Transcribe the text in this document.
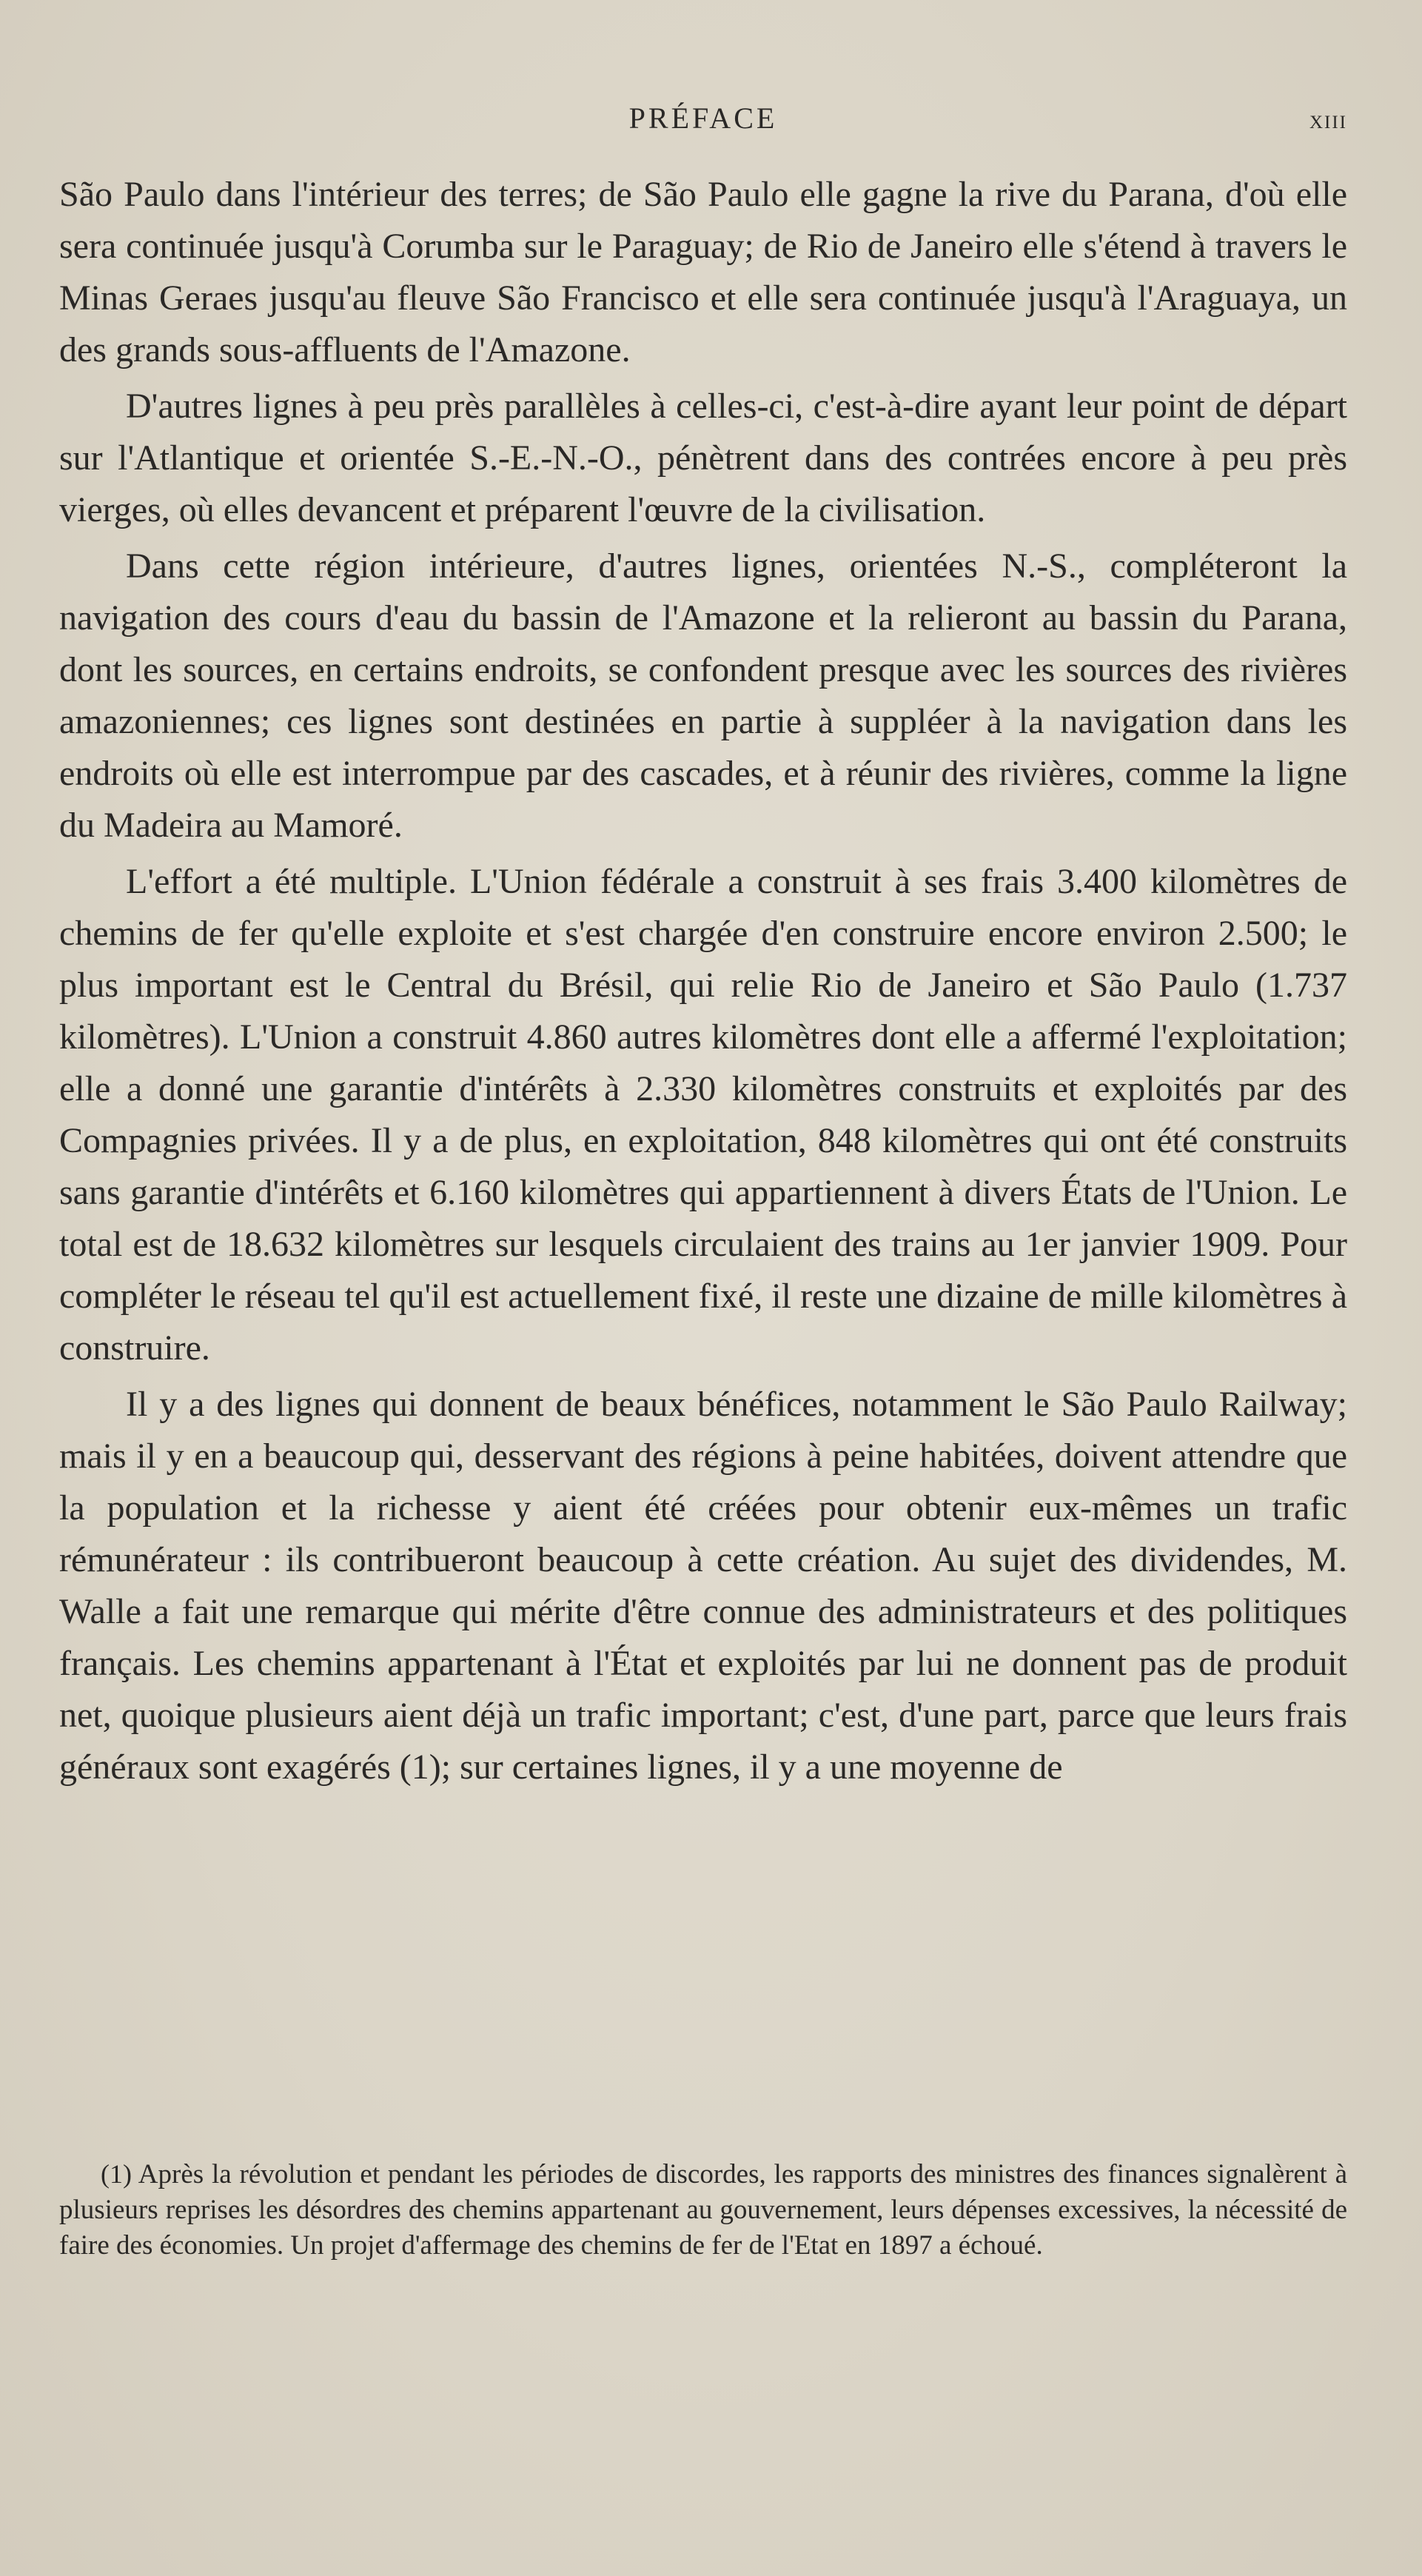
PRÉFACE	xiii

São Paulo dans l'intérieur des terres; de São Paulo elle gagne la rive du Parana, d'où elle sera continuée jusqu'à Corumba sur le Paraguay; de Rio de Janeiro elle s'étend à travers le Minas Geraes jusqu'au fleuve São Francisco et elle sera continuée jusqu'à l'Araguaya, un des grands sous-affluents de l'Amazone.

D'autres lignes à peu près parallèles à celles-ci, c'est-à-dire ayant leur point de départ sur l'Atlantique et orientée S.-E.-N.-O., pénètrent dans des contrées encore à peu près vierges, où elles devancent et préparent l'œuvre de la civilisation.

Dans cette région intérieure, d'autres lignes, orientées N.-S., compléteront la navigation des cours d'eau du bassin de l'Amazone et la relieront au bassin du Parana, dont les sources, en certains endroits, se confondent presque avec les sources des rivières amazoniennes; ces lignes sont destinées en partie à suppléer à la navigation dans les endroits où elle est interrompue par des cascades, et à réunir des rivières, comme la ligne du Madeira au Mamoré.

L'effort a été multiple. L'Union fédérale a construit à ses frais 3.400 kilomètres de chemins de fer qu'elle exploite et s'est chargée d'en construire encore environ 2.500; le plus important est le Central du Brésil, qui relie Rio de Janeiro et São Paulo (1.737 kilomètres). L'Union a construit 4.860 autres kilomètres dont elle a affermé l'exploitation; elle a donné une garantie d'intérêts à 2.330 kilomètres construits et exploités par des Compagnies privées. Il y a de plus, en exploitation, 848 kilomètres qui ont été construits sans garantie d'intérêts et 6.160 kilomètres qui appartiennent à divers États de l'Union. Le total est de 18.632 kilomètres sur lesquels circulaient des trains au 1er janvier 1909. Pour compléter le réseau tel qu'il est actuellement fixé, il reste une dizaine de mille kilomètres à construire.

Il y a des lignes qui donnent de beaux bénéfices, notamment le São Paulo Railway; mais il y en a beaucoup qui, desservant des régions à peine habitées, doivent attendre que la population et la richesse y aient été créées pour obtenir eux-mêmes un trafic rémunérateur : ils contribueront beaucoup à cette création. Au sujet des dividendes, M. Walle a fait une remarque qui mérite d'être connue des administrateurs et des politiques français. Les chemins appartenant à l'État et exploités par lui ne donnent pas de produit net, quoique plusieurs aient déjà un trafic important; c'est, d'une part, parce que leurs frais généraux sont exagérés (1); sur certaines lignes, il y a une moyenne de

(1) Après la révolution et pendant les périodes de discordes, les rapports des ministres des finances signalèrent à plusieurs reprises les désordres des chemins appartenant au gouvernement, leurs dépenses excessives, la nécessité de faire des économies. Un projet d'affermage des chemins de fer de l'Etat en 1897 a échoué.
